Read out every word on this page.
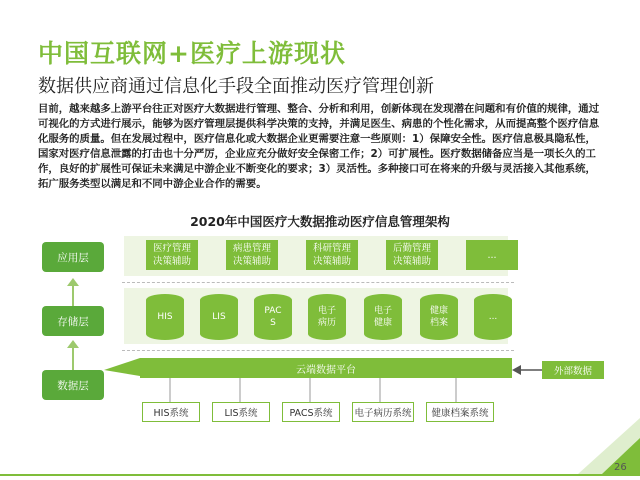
中国互联网+医疗上游现状
数据供应商通过信息化手段全面推动医疗管理创新
目前，越来越多上游平台往正对医疗大数据进行管理、整合、分析和利用，创新体现在发现潜在问题和有价值的规律，通过可视化的方式进行展示，能够为医疗管理层提供科学决策的支持，并满足医生、病患的个性化需求，从而提高整个医疗信息化服务的质量。但在发展过程中，医疗信息化或大数据企业更需要注意一些原则：1）保障安全性。医疗信息极具隐私性，国家对医疗信息泄露的打击也十分严厉，企业应充分做好安全保密工作；2）可扩展性。医疗数据储备应当是一项长久的工作，良好的扩展性可保证未来满足中游企业不断变化的要求；3）灵活性。多种接口可在将来的升级与灵活接入其他系统，拓广服务类型以满足和不同中游企业合作的需要。
2020年中国医疗大数据推动医疗信息管理架构
应用层
存储层
数据层
医疗管理
决策辅助
病患管理
决策辅助
科研管理
决策辅助
后勤管理
决策辅助
...
HIS	LIS
PAC
S
电子
病历
电子
健康
健康
档案
...
云端数据平台	外部数据
HIS系统	LIS系统	PACS系统	电子病历系统	健康档案系统
26
